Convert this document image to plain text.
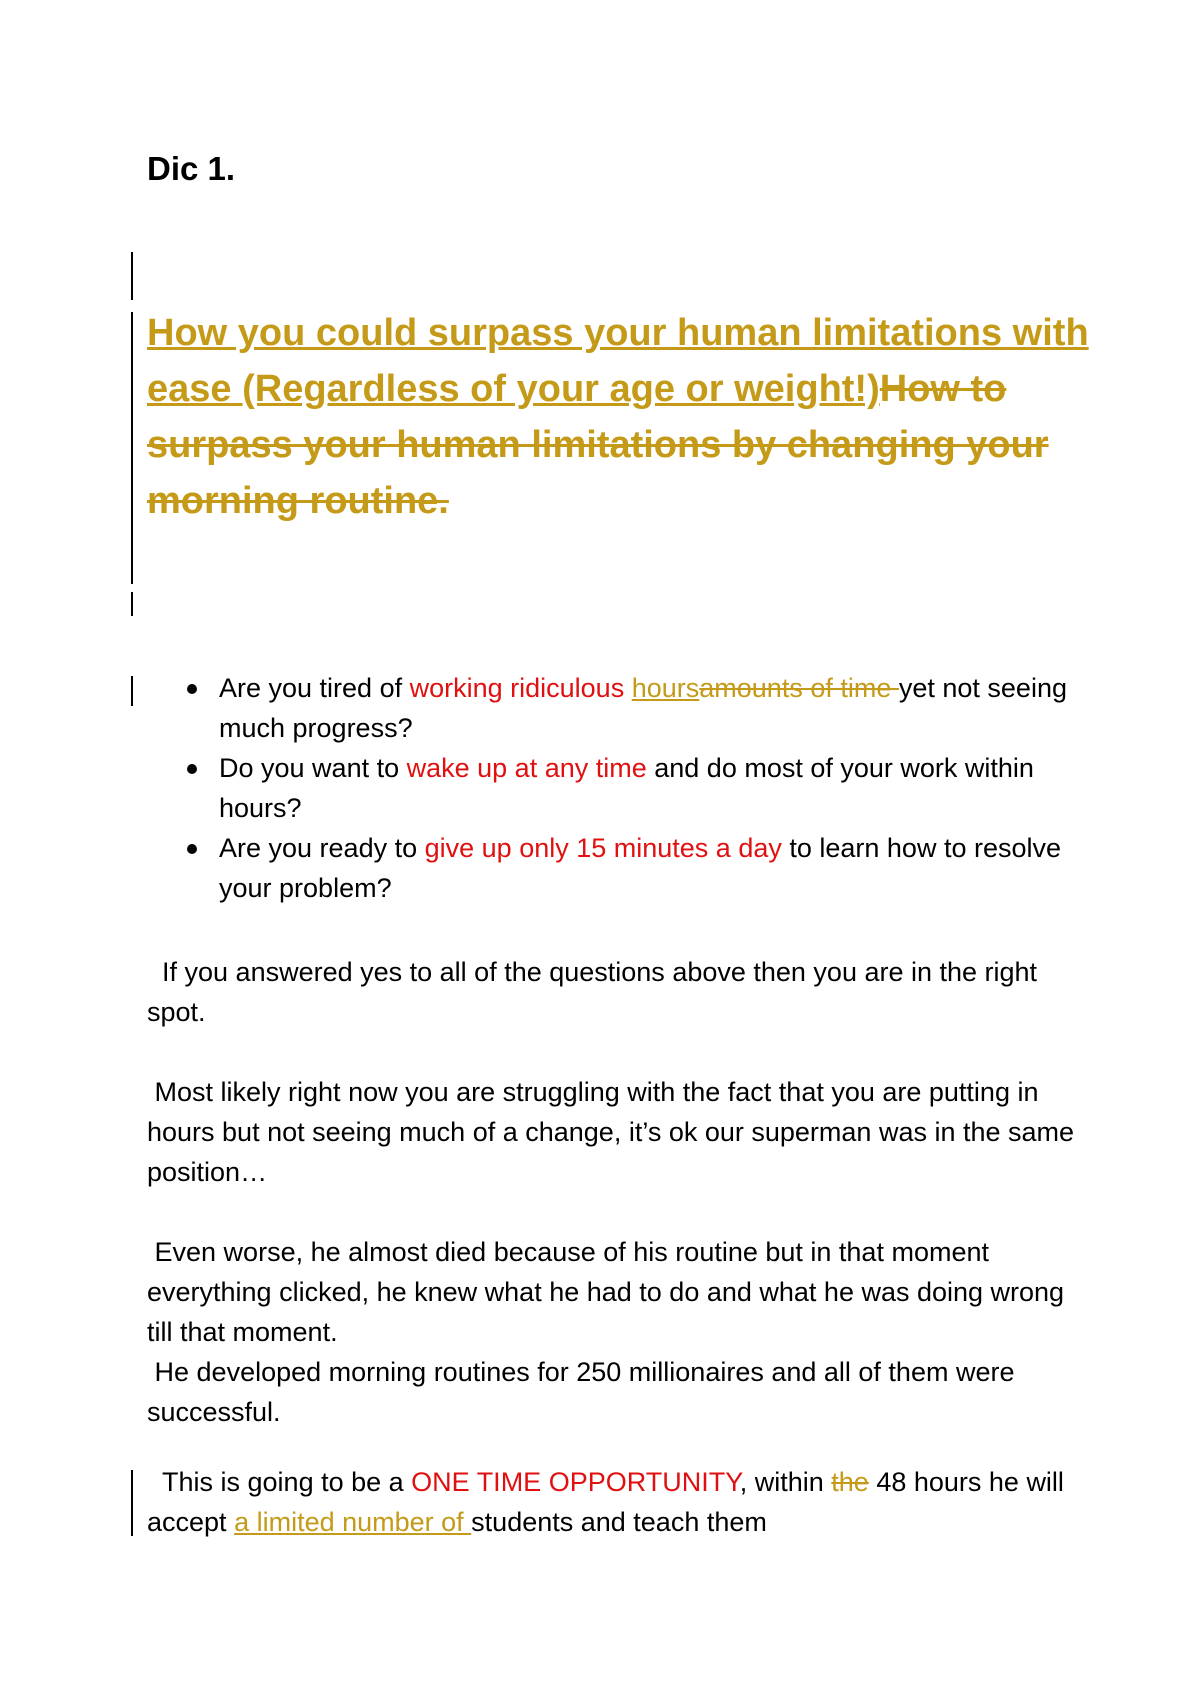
Dic 1.
How you could surpass your human limitations with ease (Regardless of your age or weight!)How to surpass your human limitations by changing your morning routine.
Are you tired of working ridiculous hoursamounts of time yet not seeing much progress?
Do you want to wake up at any time and do most of your work within hours?
Are you ready to give up only 15 minutes a day to learn how to resolve your problem?

If you answered yes to all of the questions above then you are in the right spot.

Most likely right now you are struggling with the fact that you are putting in hours but not seeing much of a change, it’s ok our superman was in the same position…

Even worse, he almost died because of his routine but in that moment everything clicked, he knew what he had to do and what he was doing wrong till that moment.

He developed morning routines for 250 millionaires and all of them were successful.

This is going to be a ONE TIME OPPORTUNITY, within the 48 hours he will accept a limited number of students and teach them
